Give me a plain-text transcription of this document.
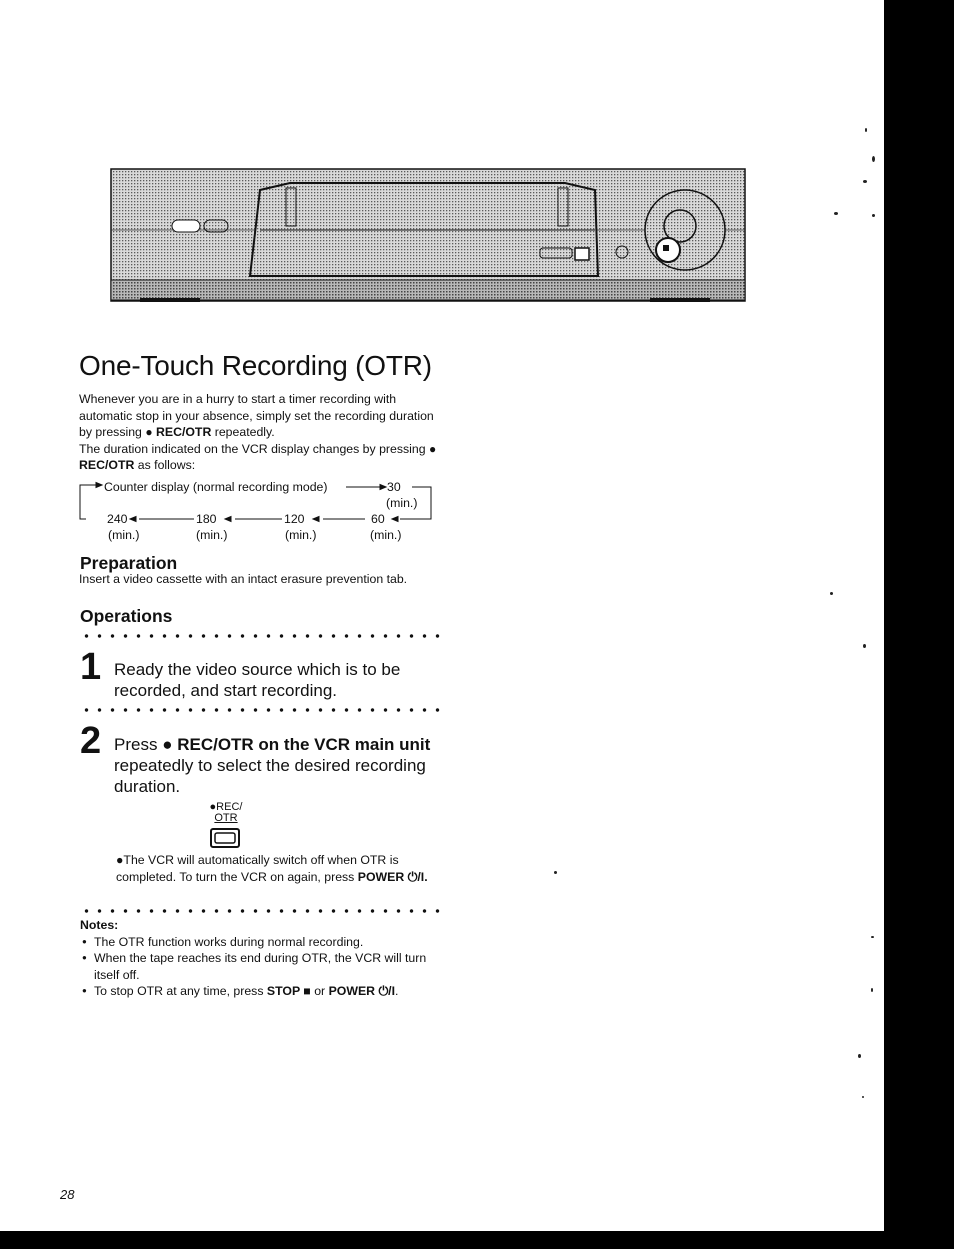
One-Touch Recording (OTR)
Whenever you are in a hurry to start a timer recording with automatic stop in your absence, simply set the recording duration by pressing ● REC/OTR repeatedly.
The duration indicated on the VCR display changes by pressing ● REC/OTR as follows:
Counter display (normal recording mode)	30
(min.)
240	180	120	60
(min.)	(min.)	(min.)	(min.)
Preparation

Insert a video cassette with an intact erasure prevention tab.

Operations
1 Ready the video source which is to be recorded, and start recording.

2 Press ● REC/OTR on the VCR main unit repeatedly to select the desired recording duration.

●REC/
OTR

●The VCR will automatically switch off when OTR is completed. To turn the VCR on again, press POWER ⏻/I.

Notes:
● The OTR function works during normal recording.
● When the tape reaches its end during OTR, the VCR will turn itself off.
● To stop OTR at any time, press STOP ■ or POWER ⏻/I.
28
